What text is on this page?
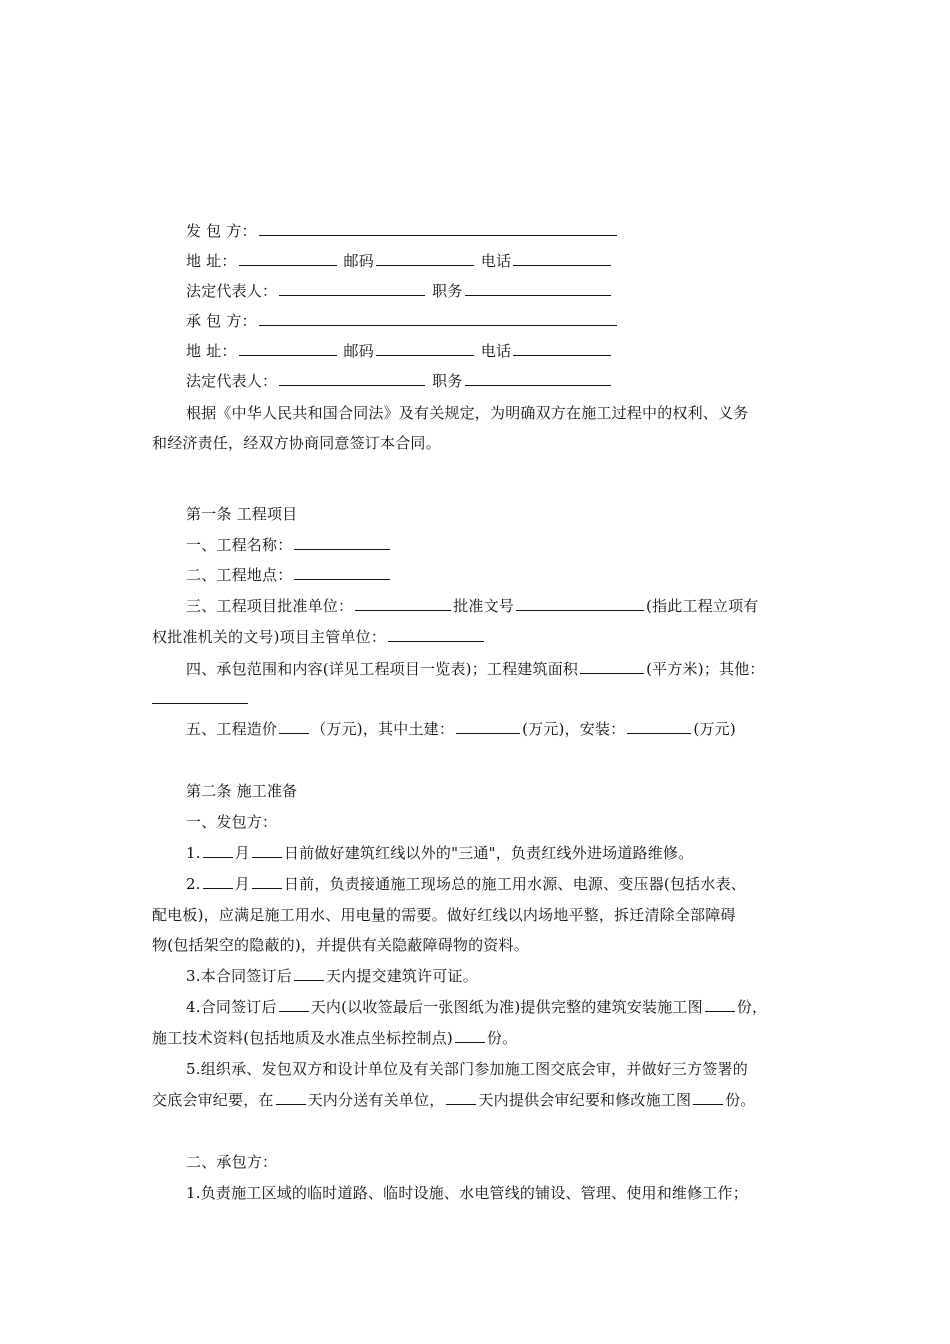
发 包 方：
地 址：	邮码	电话
法定代表人：	职务
承 包 方：
地 址：	邮码	电话
法定代表人：	职务
根据《中华人民共和国合同法》及有关规定，为明确双方在施工过程中的权利、义务
和经济责任，经双方协商同意签订本合同。
第一条 工程项目
一、工程名称：
二、工程地点：
三、工程项目批准单位：	批准文号	(指此工程立项有
权批准机关的文号)项目主管单位：
四、承包范围和内容(详见工程项目一览表)；工程建筑面积	(平方米)；其他：
五、工程造价 （万元)，其中土建：	(万元)，安装：	(万元)
第二条 施工准备
一、发包方：
1. 月 日前做好建筑红线以外的"三通"，负责红线外进场道路维修。
2. 月 日前，负责接通施工现场总的施工用水源、电源、变压器(包括水表、
配电板)，应满足施工用水、用电量的需要。做好红线以内场地平整，拆迁清除全部障碍
物(包括架空的隐蔽的)，并提供有关隐蔽障碍物的资料。
3.本合同签订后 天内提交建筑许可证。
4.合同签订后 天内(以收签最后一张图纸为准)提供完整的建筑安装施工图 份，
施工技术资料(包括地质及水准点坐标控制点) 份。
5.组织承、发包双方和设计单位及有关部门参加施工图交底会审，并做好三方签署的
交底会审纪要，在 天内分送有关单位， 天内提供会审纪要和修改施工图 份。
二、承包方：
1.负责施工区域的临时道路、临时设施、水电管线的铺设、管理、使用和维修工作；
